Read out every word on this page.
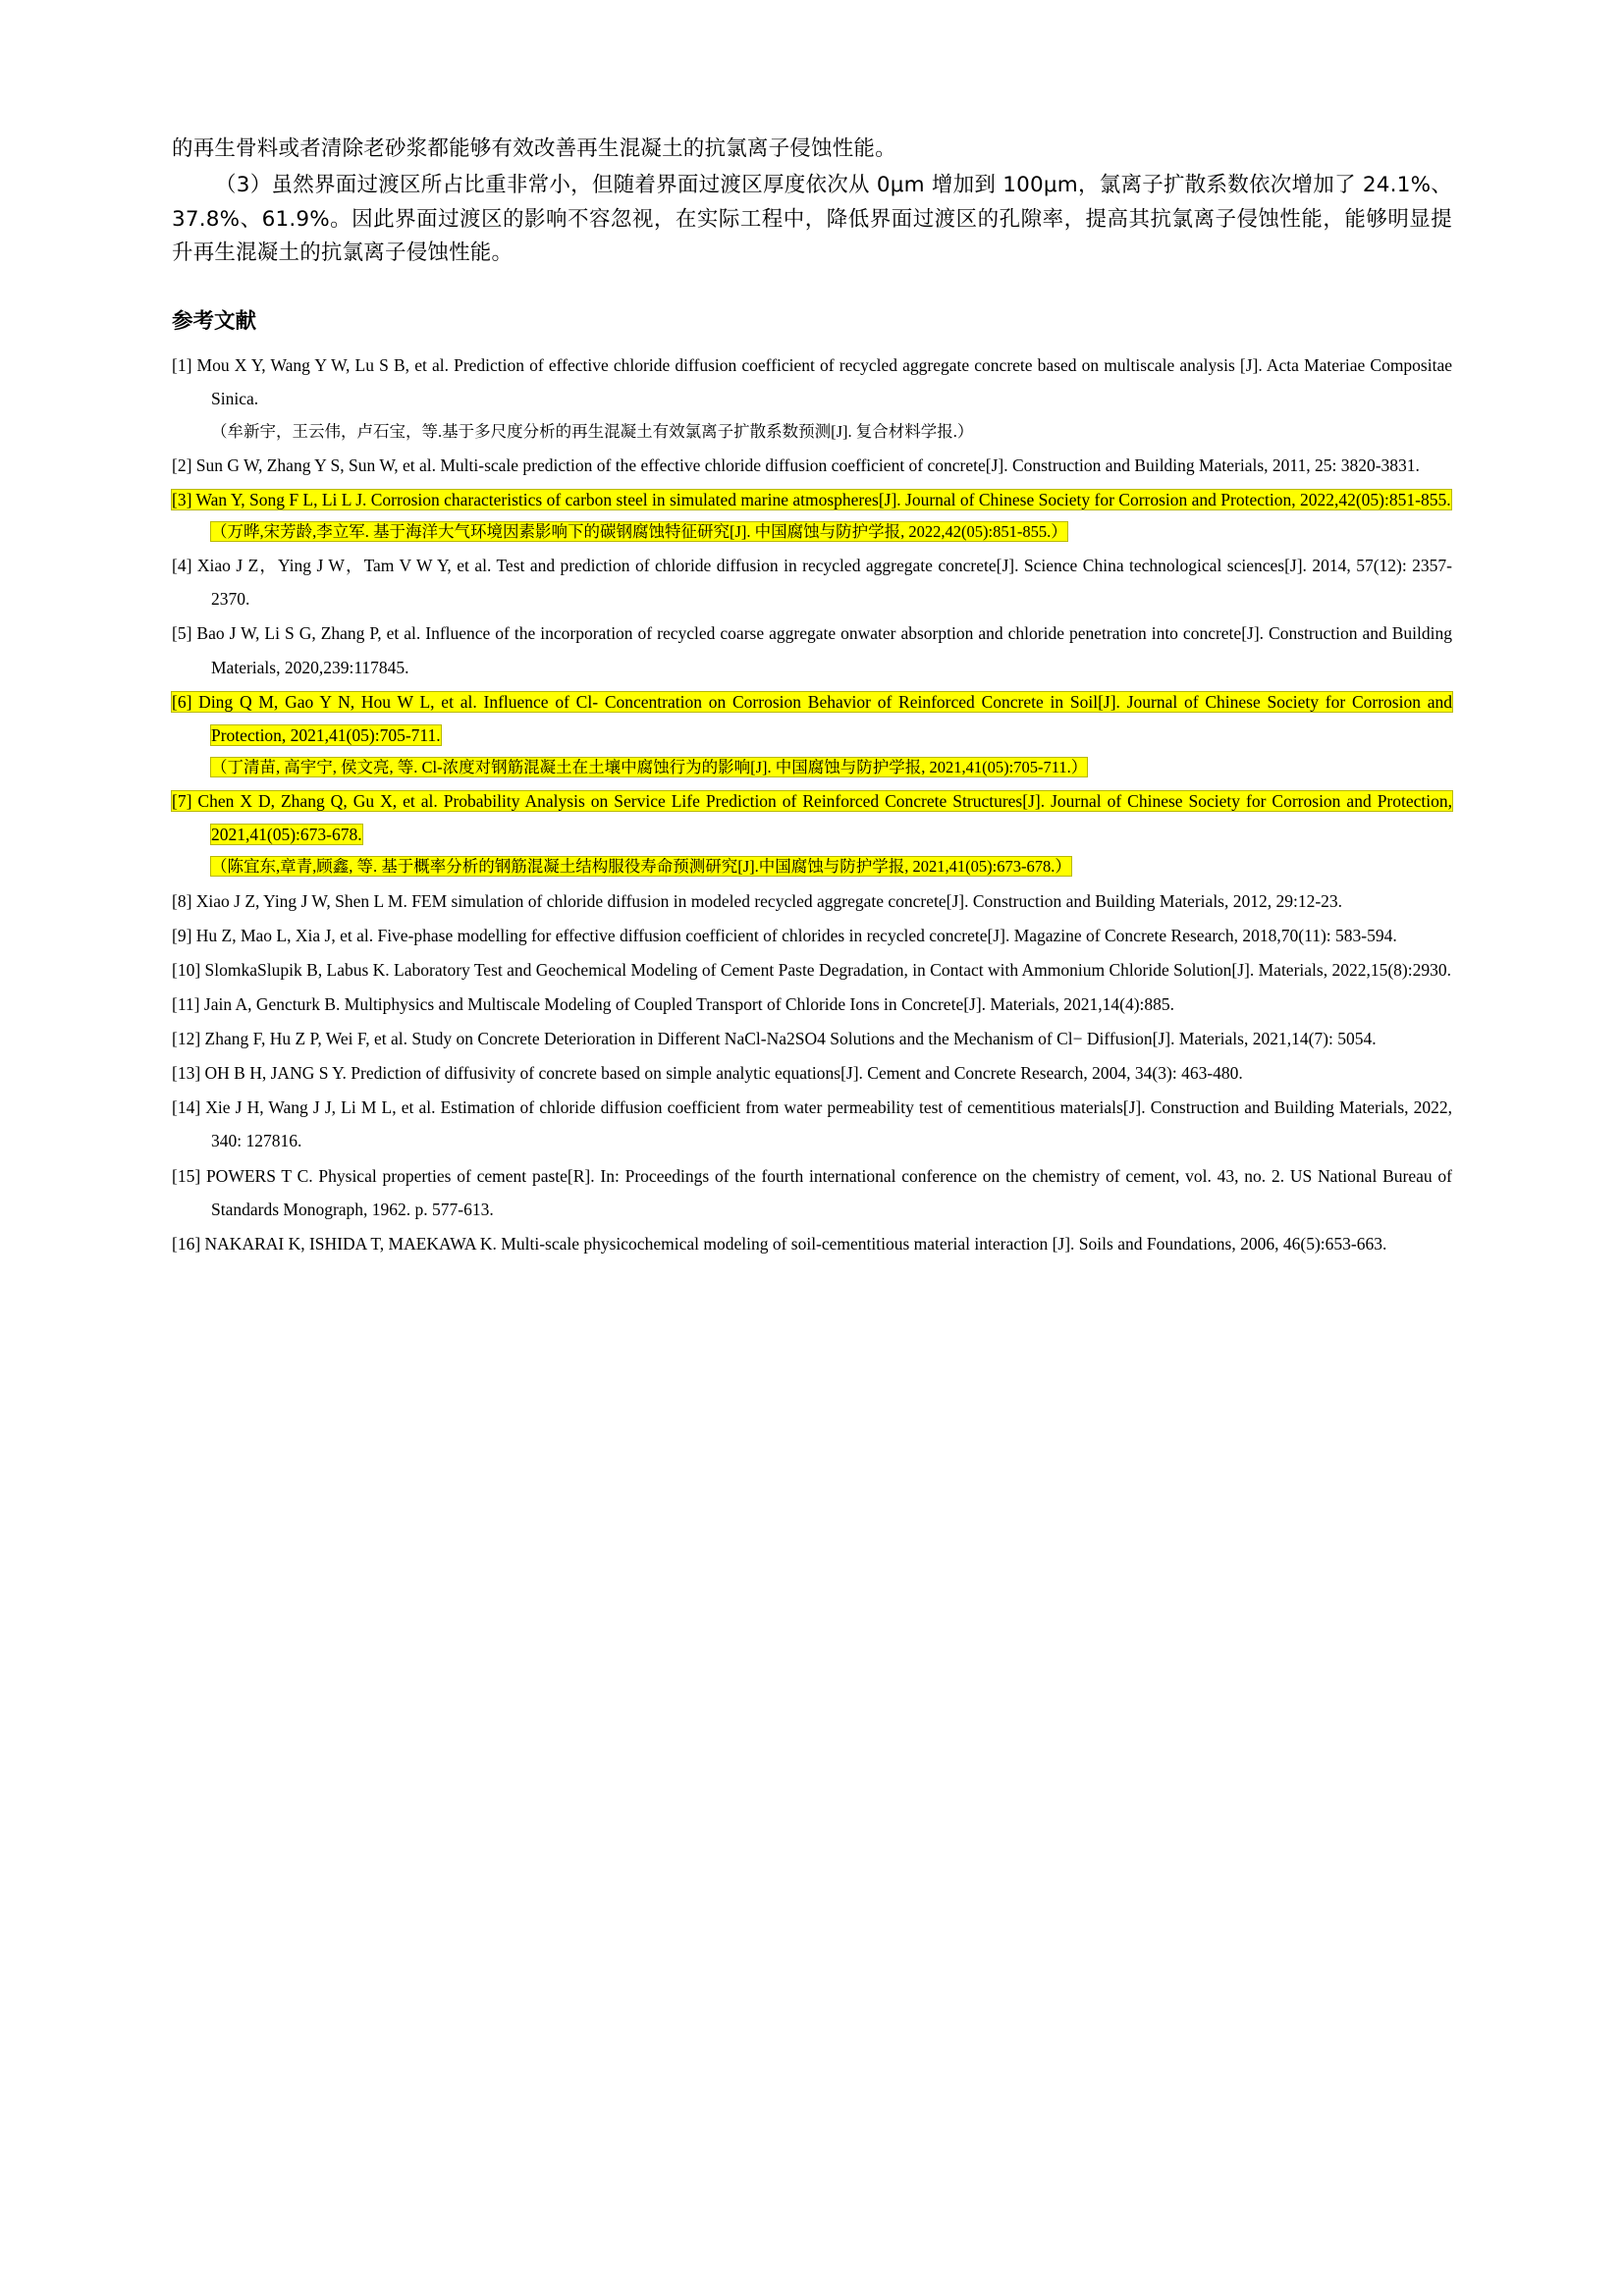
的再生骨料或者清除老砂浆都能够有效改善再生混凝土的抗氯离子侵蚀性能。

（3）虽然界面过渡区所占比重非常小，但随着界面过渡区厚度依次从 0μm 增加到 100μm，氯离子扩散系数依次增加了 24.1%、37.8%、61.9%。因此界面过渡区的影响不容忽视，在实际工程中，降低界面过渡区的孔隙率，提高其抗氯离子侵蚀性能，能够明显提升再生混凝土的抗氯离子侵蚀性能。

参考文献
[1] Mou X Y, Wang Y W, Lu S B, et al. Prediction of effective chloride diffusion coefficient of recycled aggregate concrete based on multiscale analysis [J]. Acta Materiae Compositae Sinica.
（牟新宇，王云伟，卢石宝，等.基于多尺度分析的再生混凝土有效氯离子扩散系数预测[J]. 复合材料学报.）
[2] Sun G W, Zhang Y S, Sun W, et al. Multi-scale prediction of the effective chloride diffusion coefficient of concrete[J]. Construction and Building Materials, 2011, 25: 3820-3831.
[3] Wan Y, Song F L, Li L J. Corrosion characteristics of carbon steel in simulated marine atmospheres[J]. Journal of Chinese Society for Corrosion and Protection, 2022,42(05):851-855.
（万晔,宋芳龄,李立军. 基于海洋大气环境因素影响下的碳钢腐蚀特征研究[J]. 中国腐蚀与防护学报, 2022,42(05):851-855.）
[4] Xiao J Z，Ying J W，Tam V W Y, et al. Test and prediction of chloride diffusion in recycled aggregate concrete[J]. Science China technological sciences[J]. 2014, 57(12): 2357-2370.
[5] Bao J W, Li S G, Zhang P, et al. Influence of the incorporation of recycled coarse aggregate onwater absorption and chloride penetration into concrete[J]. Construction and Building Materials, 2020,239:117845.
[6] Ding Q M, Gao Y N, Hou W L, et al. Influence of Cl- Concentration on Corrosion Behavior of Reinforced Concrete in Soil[J]. Journal of Chinese Society for Corrosion and Protection, 2021,41(05):705-711.
（丁清苗, 高宇宁, 侯文亮, 等. Cl-浓度对钢筋混凝土在土壤中腐蚀行为的影响[J]. 中国腐蚀与防护学报, 2021,41(05):705-711.）
[7] Chen X D, Zhang Q, Gu X, et al. Probability Analysis on Service Life Prediction of Reinforced Concrete Structures[J]. Journal of Chinese Society for Corrosion and Protection, 2021,41(05):673-678.
（陈宜东,章青,顾鑫, 等. 基于概率分析的钢筋混凝土结构服役寿命预测研究[J].中国腐蚀与防护学报, 2021,41(05):673-678.）
[8] Xiao J Z, Ying J W, Shen L M. FEM simulation of chloride diffusion in modeled recycled aggregate concrete[J]. Construction and Building Materials, 2012, 29:12-23.
[9] Hu Z, Mao L, Xia J, et al. Five-phase modelling for effective diffusion coefficient of chlorides in recycled concrete[J]. Magazine of Concrete Research, 2018,70(11): 583-594.
[10] SlomkaSlupik B, Labus K. Laboratory Test and Geochemical Modeling of Cement Paste Degradation, in Contact with Ammonium Chloride Solution[J]. Materials, 2022,15(8):2930.
[11] Jain A, Gencturk B. Multiphysics and Multiscale Modeling of Coupled Transport of Chloride Ions in Concrete[J]. Materials, 2021,14(4):885.
[12] Zhang F, Hu Z P, Wei F, et al. Study on Concrete Deterioration in Different NaCl-Na2SO4 Solutions and the Mechanism of Cl− Diffusion[J]. Materials, 2021,14(7): 5054.
[13] OH B H, JANG S Y. Prediction of diffusivity of concrete based on simple analytic equations[J]. Cement and Concrete Research, 2004, 34(3): 463-480.
[14] Xie J H, Wang J J, Li M L, et al. Estimation of chloride diffusion coefficient from water permeability test of cementitious materials[J]. Construction and Building Materials, 2022, 340: 127816.
[15] POWERS T C. Physical properties of cement paste[R]. In: Proceedings of the fourth international conference on the chemistry of cement, vol. 43, no. 2. US National Bureau of Standards Monograph, 1962. p. 577-613.
[16] NAKARAI K, ISHIDA T, MAEKAWA K. Multi-scale physicochemical modeling of soil-cementitious material interaction [J]. Soils and Foundations, 2006, 46(5):653-663.
